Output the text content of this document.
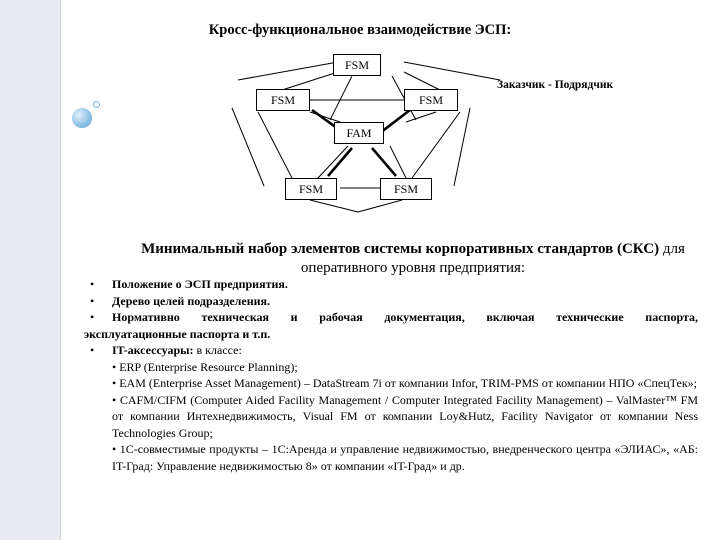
Кросс-функциональное взаимодействие ЭСП:
FSM
FSM	FSM
FAM
FSM	FSM
Заказчик - Подрядчик
Минимальный набор элементов системы корпоративных стандартов (СКС) для оперативного уровня предприятия:
• Положение о ЭСП предприятия.
• Дерево целей подразделения.
• Нормативно техническая и рабочая документация, включая технические паспорта,
эксплуатационные паспорта и т.п.
• IT-аксессуары: в классе:
• ERP (Enterprise Resource Planning);
• EAM (Enterprise Asset Management) – DataStream 7i от компании Infor, TRIM-PMS от компании НПО «СпецТек»;
• CAFM/CIFM (Computer Aided Facility Management / Computer Integrated Facility Management) – ValMaster™ FM от компании Интехнедвижимость, Visual FM от компании Loy&Hutz, Facility Navigator от компании Ness Technologies Group;
• 1С-совместимые продукты – 1С:Аренда и управление недвижимостью, внедренческого центра «ЭЛИАС», «АБ: IT-Град: Управление недвижимостью 8» от компании «IT-Град» и др.
